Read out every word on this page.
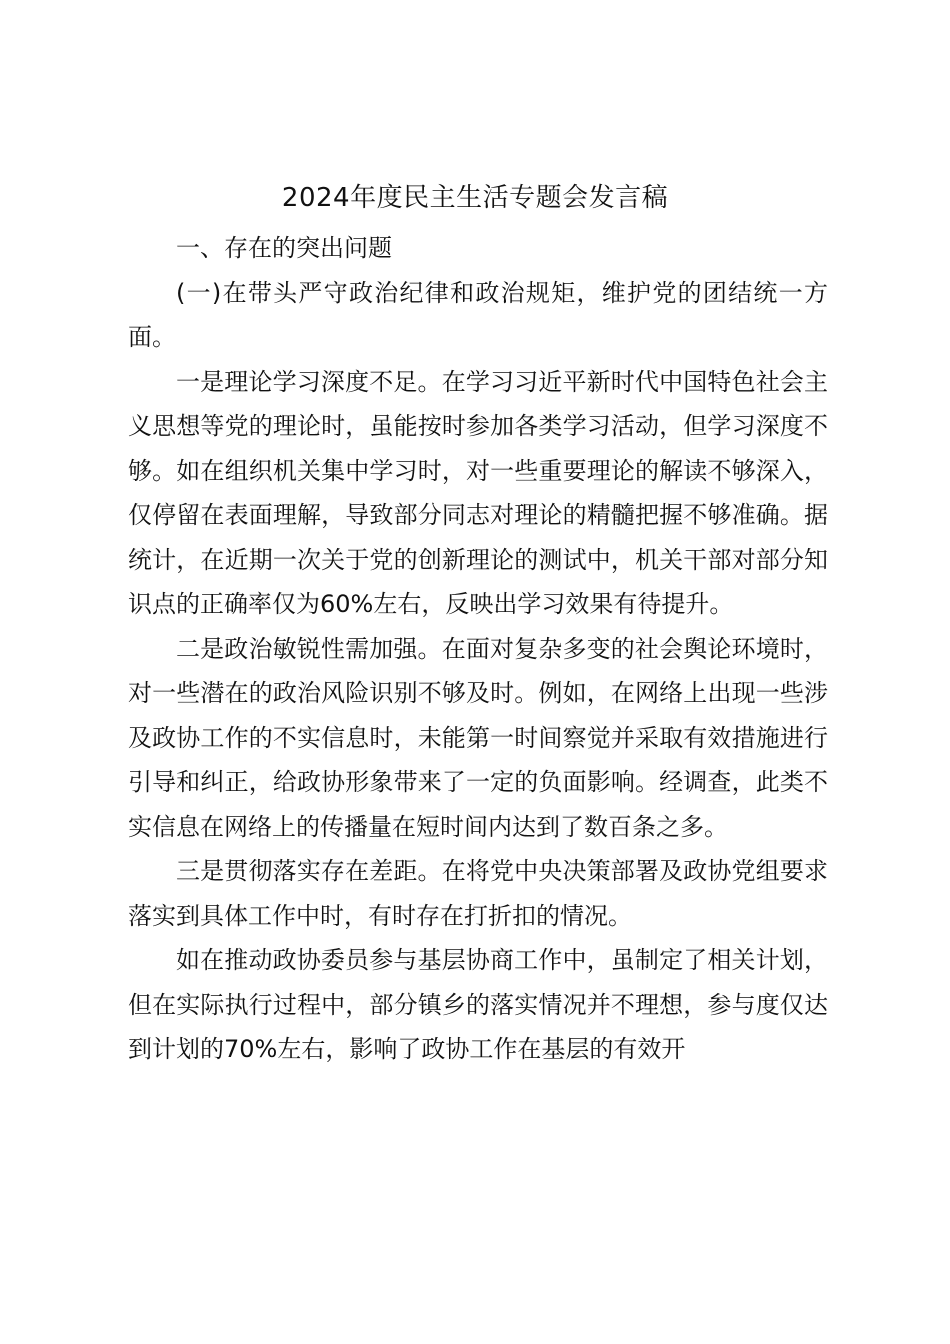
2024年度民主生活专题会发言稿

一、存在的突出问题

(一)在带头严守政治纪律和政治规矩，维护党的团结统一方面。

一是理论学习深度不足。在学习习近平新时代中国特色社会主义思想等党的理论时，虽能按时参加各类学习活动，但学习深度不够。如在组织机关集中学习时，对一些重要理论的解读不够深入，仅停留在表面理解，导致部分同志对理论的精髓把握不够准确。据统计，在近期一次关于党的创新理论的测试中，机关干部对部分知识点的正确率仅为60%左右，反映出学习效果有待提升。

二是政治敏锐性需加强。在面对复杂多变的社会舆论环境时，对一些潜在的政治风险识别不够及时。例如，在网络上出现一些涉及政协工作的不实信息时，未能第一时间察觉并采取有效措施进行引导和纠正，给政协形象带来了一定的负面影响。经调查，此类不实信息在网络上的传播量在短时间内达到了数百条之多。

三是贯彻落实存在差距。在将党中央决策部署及政协党组要求落实到具体工作中时，有时存在打折扣的情况。

如在推动政协委员参与基层协商工作中，虽制定了相关计划，但在实际执行过程中，部分镇乡的落实情况并不理想，参与度仅达到计划的70%左右，影响了政协工作在基层的有效开
